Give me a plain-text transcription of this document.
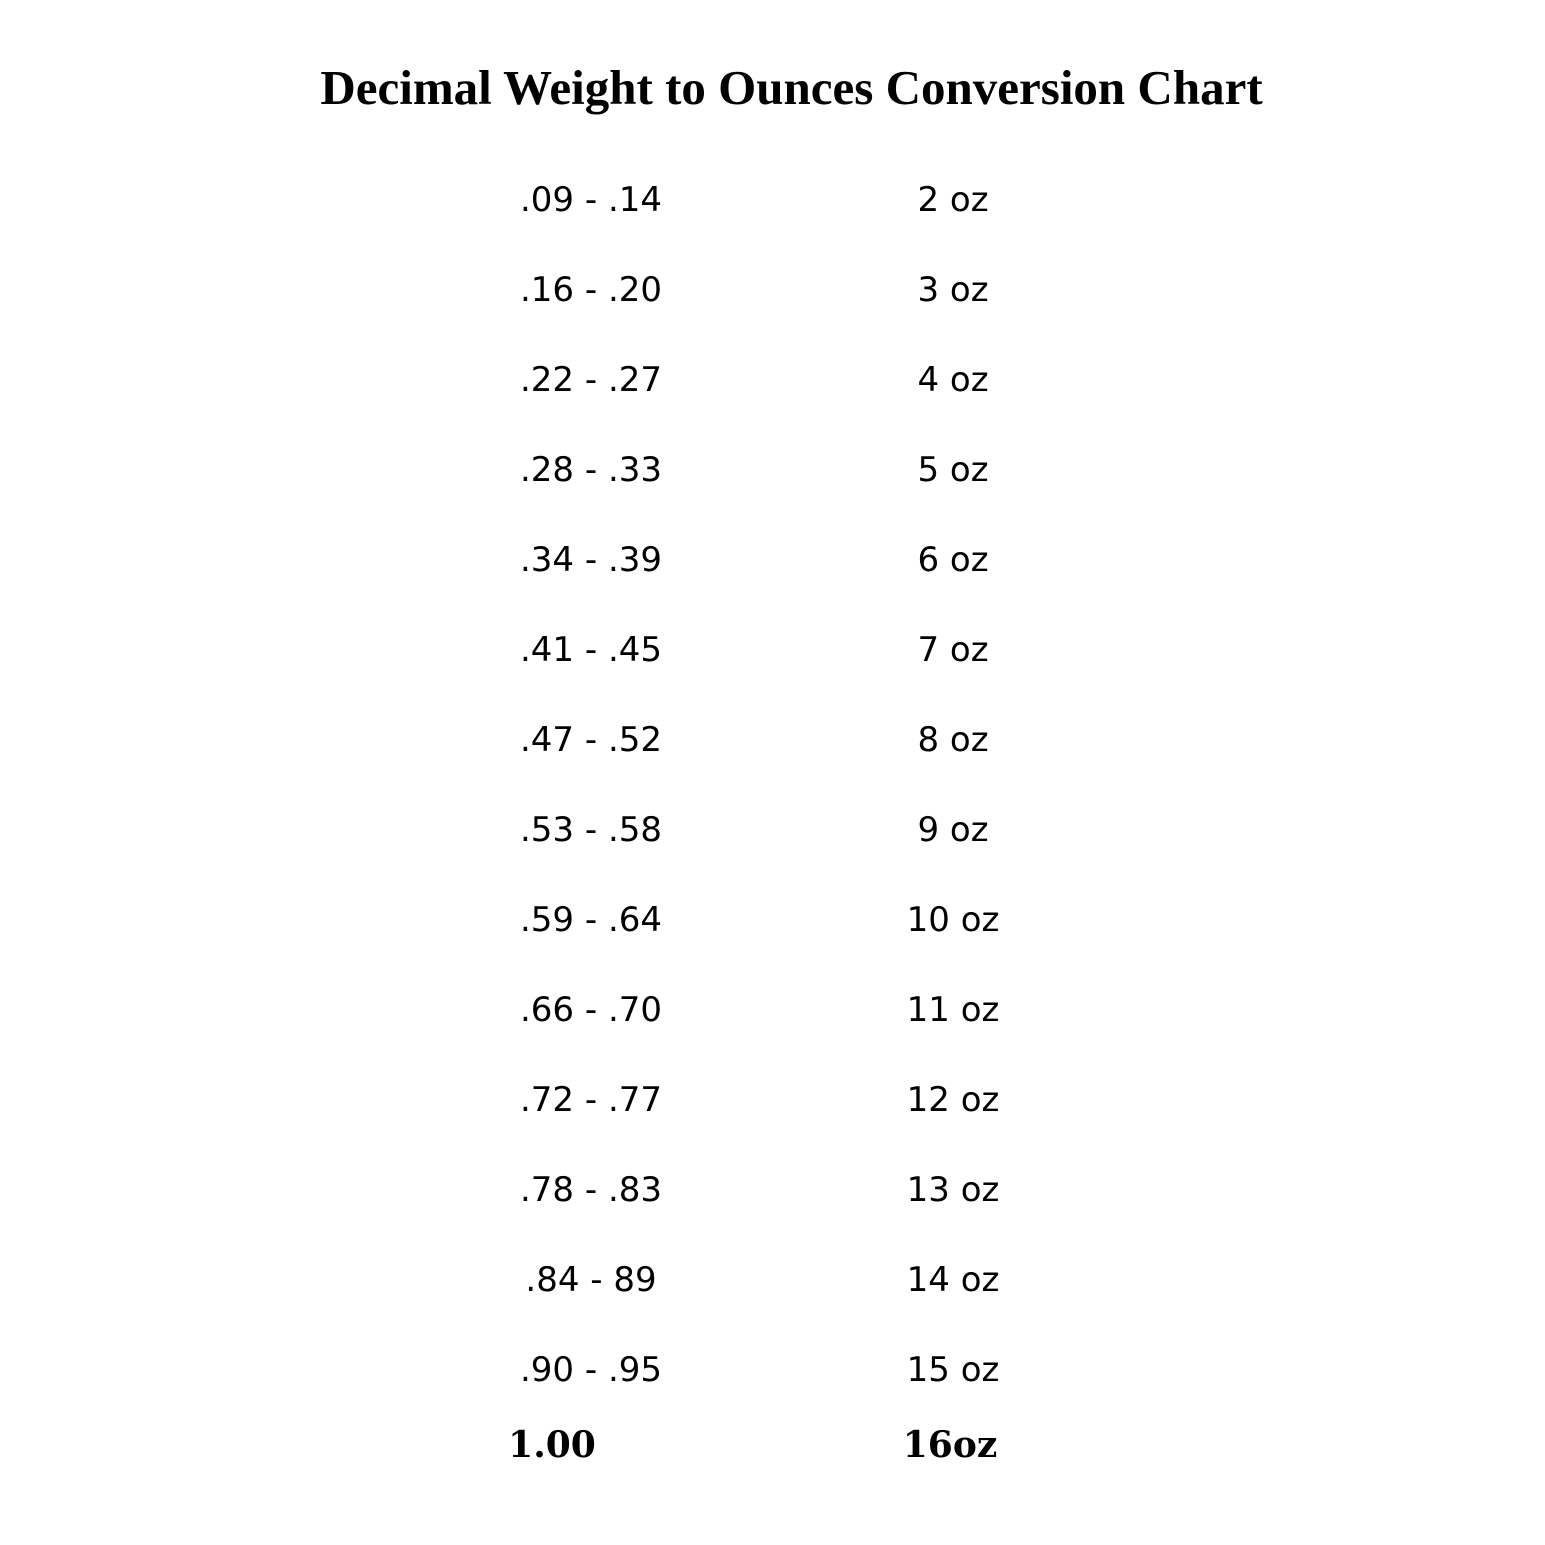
Decimal Weight to Ounces Conversion Chart
.09 - .14	2 oz
.16 - .20	3 oz
.22 - .27	4 oz
.28 - .33	5 oz
.34 - .39	6 oz
.41 - .45	7 oz
.47 - .52	8 oz
.53 - .58	9 oz
.59 - .64	10 oz
.66 - .70	11 oz
.72 - .77	12 oz
.78 - .83	13 oz
.84 - 89	14 oz
.90 - .95	15 oz
1.00	16oz
